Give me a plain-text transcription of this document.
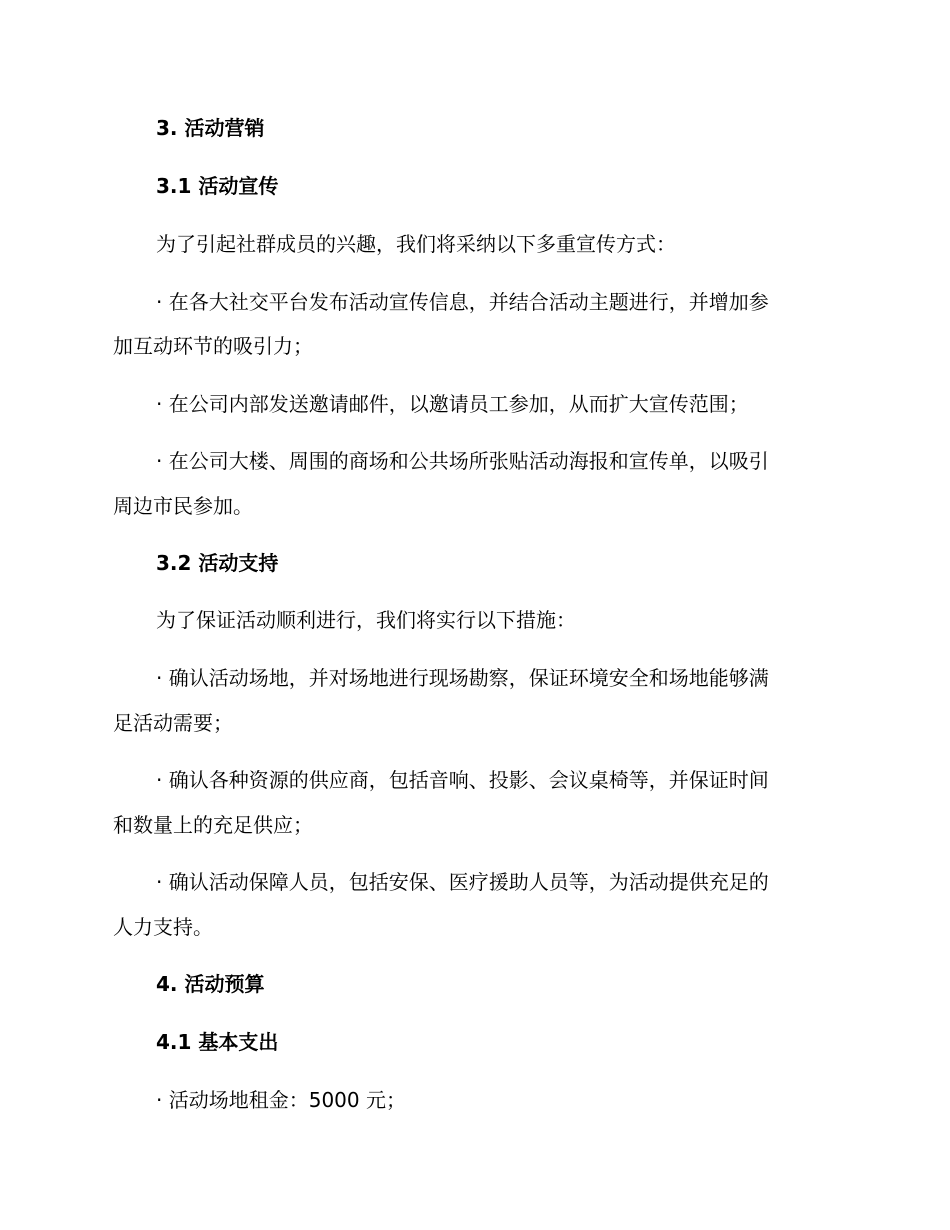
3. 活动营销
3.1 活动宣传
为了引起社群成员的兴趣，我们将采纳以下多重宣传方式：
· 在各大社交平台发布活动宣传信息，并结合活动主题进行，并增加参
加互动环节的吸引力；
· 在公司内部发送邀请邮件，以邀请员工参加，从而扩大宣传范围；
· 在公司大楼、周围的商场和公共场所张贴活动海报和宣传单，以吸引
周边市民参加。
3.2 活动支持
为了保证活动顺利进行，我们将实行以下措施：
· 确认活动场地，并对场地进行现场勘察，保证环境安全和场地能够满
足活动需要；
· 确认各种资源的供应商，包括音响、投影、会议桌椅等，并保证时间
和数量上的充足供应；
· 确认活动保障人员，包括安保、医疗援助人员等，为活动提供充足的
人力支持。
4. 活动预算
4.1 基本支出
· 活动场地租金：5000 元；
